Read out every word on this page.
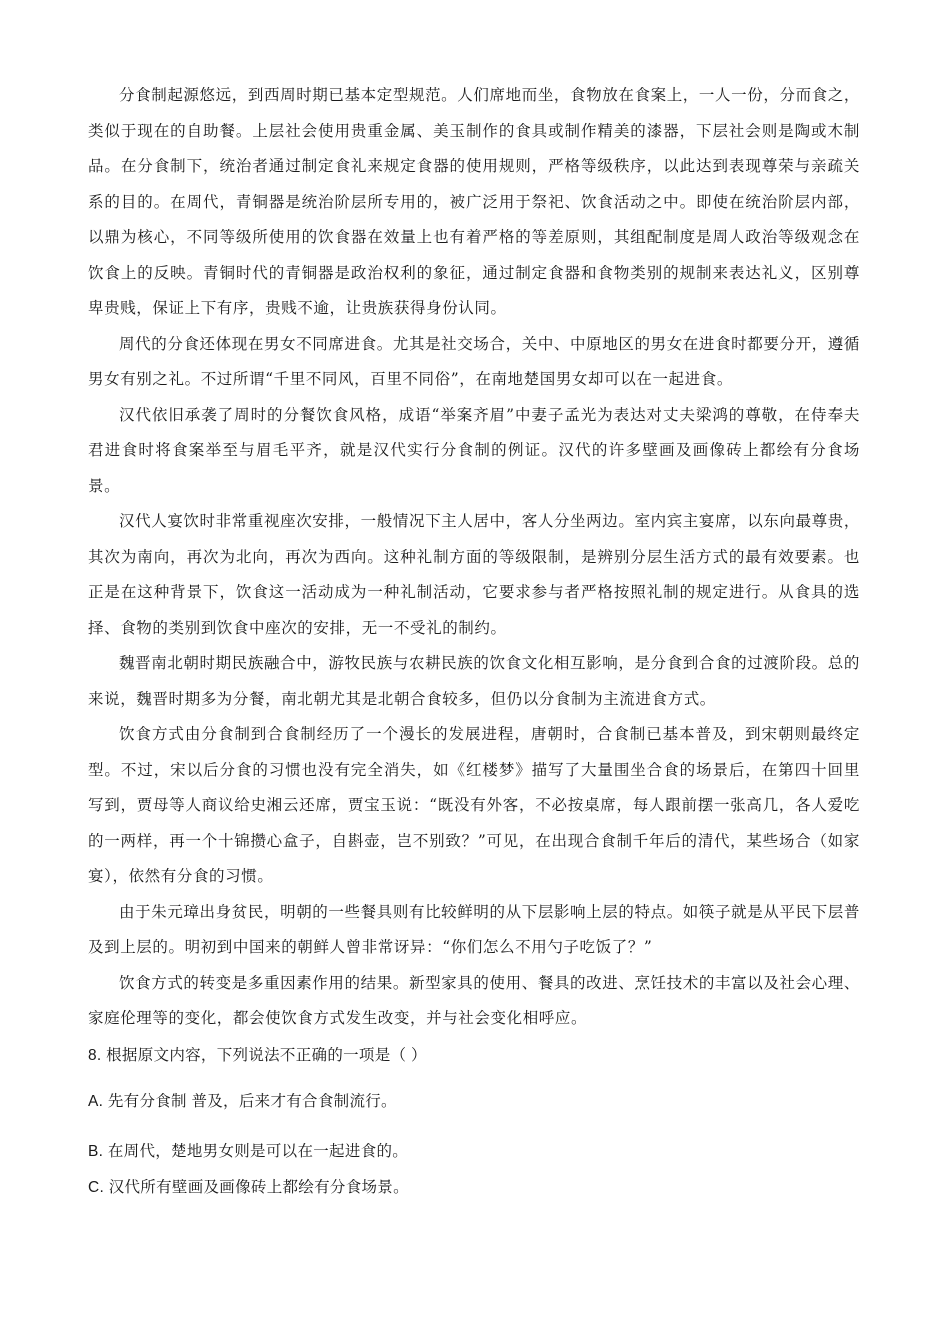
分食制起源悠远，到西周时期已基本定型规范。人们席地而坐，食物放在食案上，一人一份，分而食之，类似于现在的自助餐。上层社会使用贵重金属、美玉制作的食具或制作精美的漆器，下层社会则是陶或木制品。在分食制下，统治者通过制定食礼来规定食器的使用规则，严格等级秩序，以此达到表现尊荣与亲疏关系的目的。在周代，青铜器是统治阶层所专用的，被广泛用于祭祀、饮食活动之中。即使在统治阶层内部，以鼎为核心，不同等级所使用的饮食器在效量上也有着严格的等差原则，其组配制度是周人政治等级观念在饮食上的反映。青铜时代的青铜器是政治权利的象征，通过制定食器和食物类别的规制来表达礼义，区别尊卑贵贱，保证上下有序，贵贱不逾，让贵族获得身份认同。

周代的分食还体现在男女不同席进食。尤其是社交场合，关中、中原地区的男女在进食时都要分开，遵循男女有别之礼。不过所谓“千里不同风，百里不同俗”，在南地楚国男女却可以在一起进食。

汉代依旧承袭了周时的分餐饮食风格，成语“举案齐眉”中妻子孟光为表达对丈夫梁鸿的尊敬，在侍奉夫君进食时将食案举至与眉毛平齐，就是汉代实行分食制的例证。汉代的许多壁画及画像砖上都绘有分食场景。

汉代人宴饮时非常重视座次安排，一般情况下主人居中，客人分坐两边。室内宾主宴席，以东向最尊贵，其次为南向，再次为北向，再次为西向。这种礼制方面的等级限制，是辨别分层生活方式的最有效要素。也正是在这种背景下，饮食这一活动成为一种礼制活动，它要求参与者严格按照礼制的规定进行。从食具的选择、食物的类别到饮食中座次的安排，无一不受礼的制约。

魏晋南北朝时期民族融合中，游牧民族与农耕民族的饮食文化相互影响，是分食到合食的过渡阶段。总的来说，魏晋时期多为分餐，南北朝尤其是北朝合食较多，但仍以分食制为主流进食方式。

饮食方式由分食制到合食制经历了一个漫长的发展进程，唐朝时，合食制已基本普及，到宋朝则最终定型。不过，宋以后分食的习惯也没有完全消失，如《红楼梦》描写了大量围坐合食的场景后，在第四十回里写到，贾母等人商议给史湘云还席，贾宝玉说：“既没有外客，不必按桌席，每人跟前摆一张高几，各人爱吃的一两样，再一个十锦攒心盒子，自斟壶，岂不别致？”可见，在出现合食制千年后的清代，某些场合（如家宴），依然有分食的习惯。

由于朱元璋出身贫民，明朝的一些餐具则有比较鲜明的从下层影响上层的特点。如筷子就是从平民下层普及到上层的。明初到中国来的朝鲜人曾非常讶异：“你们怎么不用勺子吃饭了？”

饮食方式的转变是多重因素作用的结果。新型家具的使用、餐具的改进、烹饪技术的丰富以及社会心理、家庭伦理等的变化，都会使饮食方式发生改变，并与社会变化相呼应。

8. 根据原文内容，下列说法不正确的一项是（ ）

A. 先有分食制 普及，后来才有合食制流行。

B. 在周代，楚地男女则是可以在一起进食的。

C. 汉代所有壁画及画像砖上都绘有分食场景。
